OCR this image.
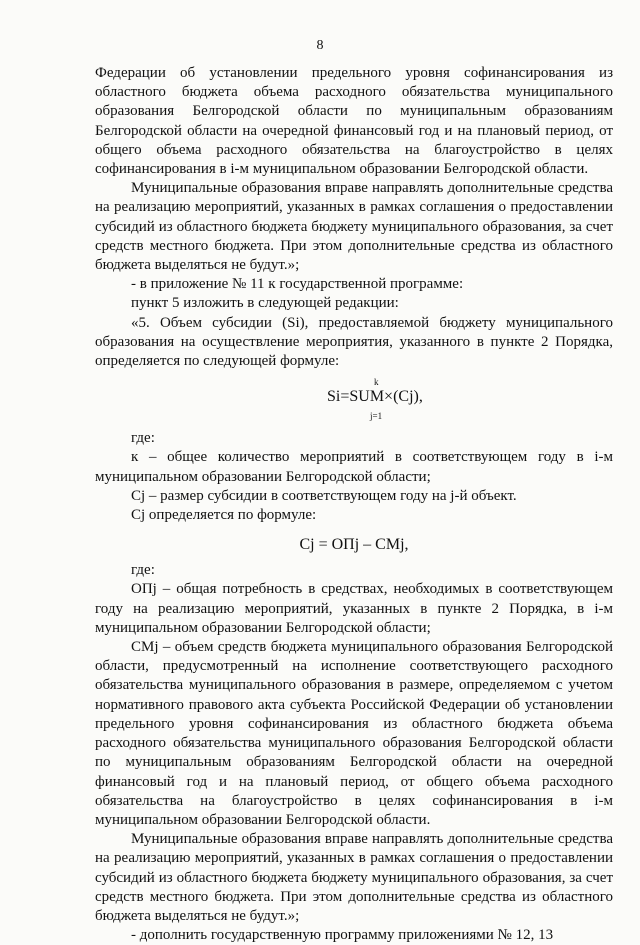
8

Федерации об установлении предельного уровня софинансирования из областного бюджета объема расходного обязательства муниципального образования Белгородской области по муниципальным образованиям Белгородской области на очередной финансовый год и на плановый период, от общего объема расходного обязательства на благоустройство в целях софинансирования в i-м муниципальном образовании Белгородской области.

Муниципальные образования вправе направлять дополнительные средства на реализацию мероприятий, указанных в рамках соглашения о предоставлении субсидий из областного бюджета бюджету муниципального образования, за счет средств местного бюджета. При этом дополнительные средства из областного бюджета выделяться не будут.»;

- в приложение № 11 к государственной программе:

пункт 5 изложить в следующей редакции:

«5. Объем субсидии (Si), предоставляемой бюджету муниципального образования на осуществление мероприятия, указанного в пункте 2 Порядка, определяется по следующей формуле:

k
Si=SUM×(Cj),
j=1

где:

к – общее количество мероприятий в соответствующем году в i-м муниципальном образовании Белгородской области;

Cj – размер субсидии в соответствующем году на j-й объект.

Cj определяется по формуле:

Cj = ОПj – СМj,

где:

ОПj – общая потребность в средствах, необходимых в соответствующем году на реализацию мероприятий, указанных в пункте 2 Порядка, в i-м муниципальном образовании Белгородской области;

СМj – объем средств бюджета муниципального образования Белгородской области, предусмотренный на исполнение соответствующего расходного обязательства муниципального образования в размере, определяемом с учетом нормативного правового акта субъекта Российской Федерации об установлении предельного уровня софинансирования из областного бюджета объема расходного обязательства муниципального образования Белгородской области по муниципальным образованиям Белгородской области на очередной финансовый год и на плановый период, от общего объема расходного обязательства на благоустройство в целях софинансирования в i-м муниципальном образовании Белгородской области.

Муниципальные образования вправе направлять дополнительные средства на реализацию мероприятий, указанных в рамках соглашения о предоставлении субсидий из областного бюджета бюджету муниципального образования, за счет средств местного бюджета. При этом дополнительные средства из областного бюджета выделяться не будут.»;

- дополнить государственную программу приложениями № 12, 13
